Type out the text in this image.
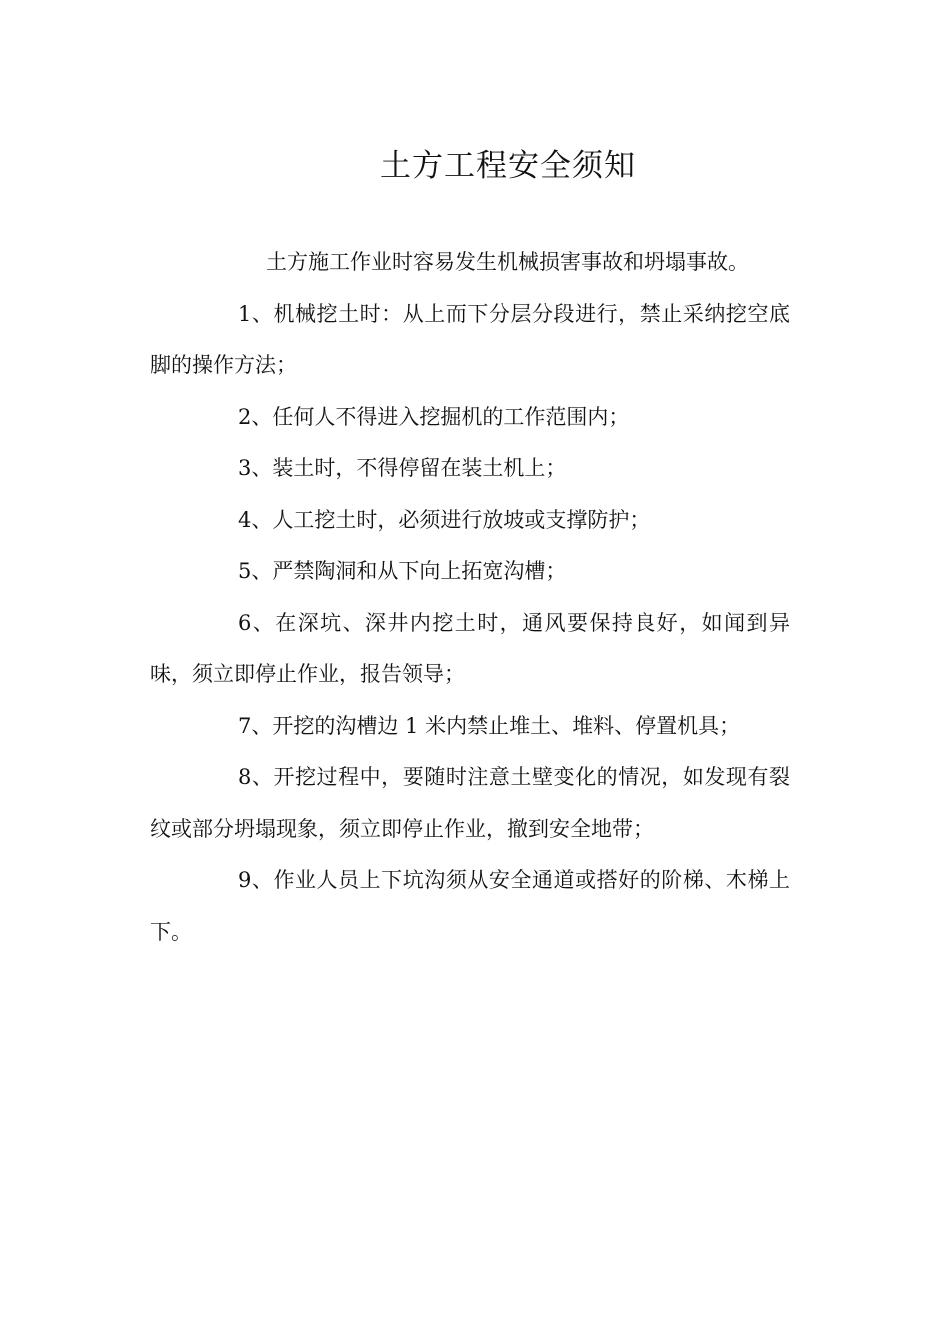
土方工程安全须知

土方施工作业时容易发生机械损害事故和坍塌事故。

1、机械挖土时：从上而下分层分段进行，禁止采纳挖空底脚的操作方法；

2、任何人不得进入挖掘机的工作范围内；

3、装土时，不得停留在装土机上；

4、人工挖土时，必须进行放坡或支撑防护；

5、严禁陶洞和从下向上拓宽沟槽；

6、在深坑、深井内挖土时，通风要保持良好，如闻到异味，须立即停止作业，报告领导；

7、开挖的沟槽边 1 米内禁止堆土、堆料、停置机具；

8、开挖过程中，要随时注意土壁变化的情况，如发现有裂纹或部分坍塌现象，须立即停止作业，撤到安全地带；

9、作业人员上下坑沟须从安全通道或搭好的阶梯、木梯上下。
